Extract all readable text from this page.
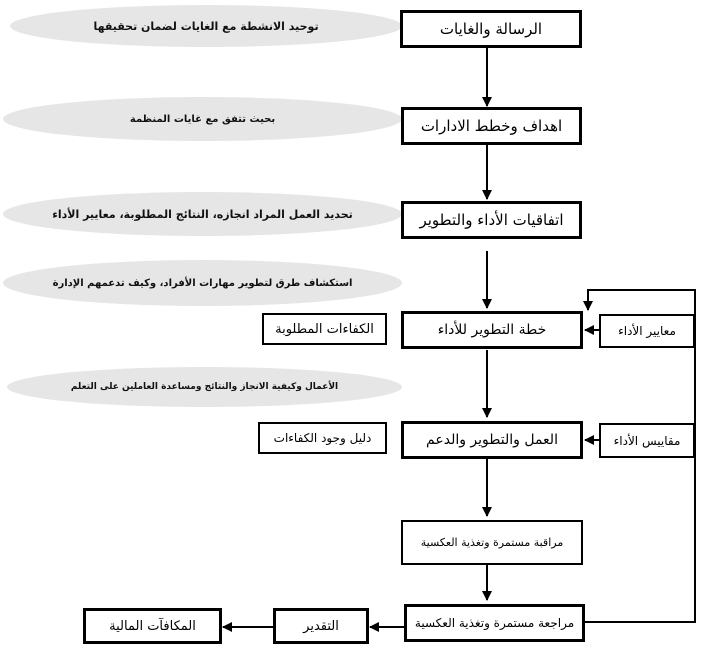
توحيد الانشطة مع الغايات لضمان تحقيقها
بحيث تتفق مع غايات المنظمة
تحديد العمل المراد انجازه، النتائج المطلوبة، معايير الأداء
استكشاف طرق لتطوير مهارات الأفراد، وكيف تدعمهم الإدارة
الأعمال وكيفية الانجاز والنتائج ومساعدة العاملين على التعلم
الرسالة والغايات
اهداف وخطط الادارات
اتفاقيات الأداء والتطوير
خطة التطوير للأداء
العمل والتطوير والدعم
مراقبة مستمرة وتغذية العكسية
مراجعة مستمرة وتغذية العكسية
التقدير
المكافآت المالية
الكفاءات المطلوبة
دليل وجود الكفاءات
معايير الأداء
مقاييس الأداء
